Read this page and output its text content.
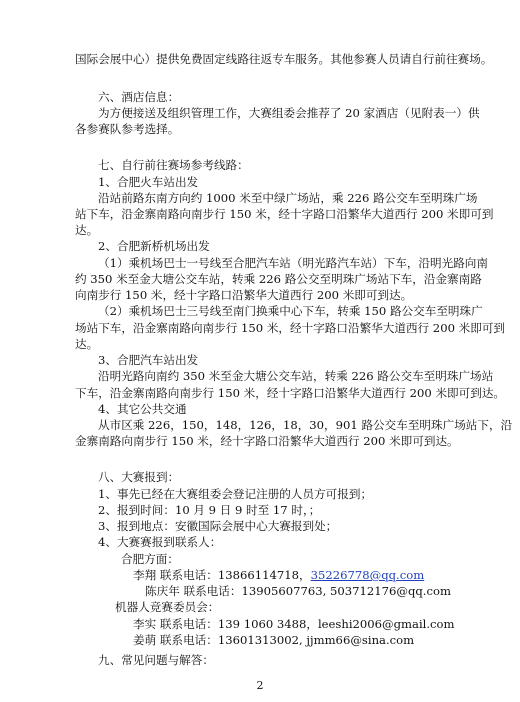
国际会展中心）提供免费固定线路往返专车服务。其他参赛人员请自行前往赛场。
六、酒店信息：
为方便接送及组织管理工作，大赛组委会推荐了 20 家酒店（见附表一）供
各参赛队参考选择。
七、自行前往赛场参考线路：
1、合肥火车站出发
沿站前路东南方向约 1000 米至中绿广场站，乘 226 路公交车至明珠广场
站下车，沿金寨南路向南步行 150 米，经十字路口沿繁华大道西行 200 米即可到
达。
2、合肥新桥机场出发
（1）乘机场巴士一号线至合肥汽车站（明光路汽车站）下车，沿明光路向南
约 350 米至金大塘公交车站，转乘 226 路公交至明珠广场站下车，沿金寨南路
向南步行 150 米，经十字路口沿繁华大道西行 200 米即可到达。
（2）乘机场巴士三号线至南门换乘中心下车，转乘 150 路公交车至明珠广
场站下车，沿金寨南路向南步行 150 米，经十字路口沿繁华大道西行 200 米即可到
达。
3、合肥汽车站出发
沿明光路向南约 350 米至金大塘公交车站，转乘 226 路公交车至明珠广场站
下车，沿金寨南路向南步行 150 米，经十字路口沿繁华大道西行 200 米即可到达。
4、其它公共交通
从市区乘 226，150，148，126，18，30，901 路公交车至明珠广场站下，沿
金寨南路向南步行 150 米，经十字路口沿繁华大道西行 200 米即可到达。
八、大赛报到：
1、事先已经在大赛组委会登记注册的人员方可报到；
2、报到时间：10 月 9 日 9 时至 17 时，；
3、报到地点：安徽国际会展中心大赛报到处；
4、大赛赛报到联系人：
合肥方面：
李翔 联系电话：13866114718，35226778@qq.com
陈庆年 联系电话：13905607763, 503712176@qq.com
机器人竞赛委员会：
李实 联系电话：139 1060 3488，leeshi2006@gmail.com
姜萌 联系电话：13601313002, jjmm66@sina.com
九、常见问题与解答：
2
